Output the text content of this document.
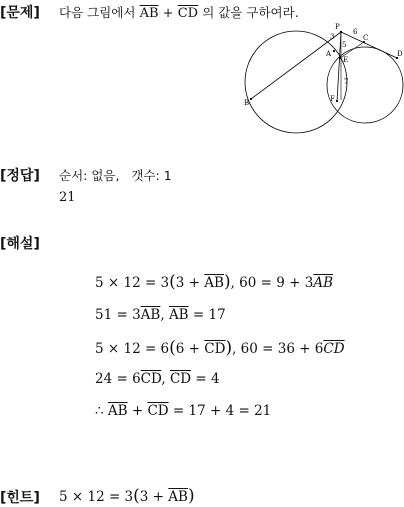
[문제] 다음 그림에서 $\overline{AB} + \overline{CD}$ 의 값을 구하여라.
P
A
B
C
D
E
F
3
6
5
7
[정답] 순서: 없음, 갯수: 1
21
[해설]
$5 \times 12 = 3(3 + \overline{AB})$, $60 = 9 + 3\overline{AB}$
$51 = 3\overline{AB}$, $\overline{AB} = 17$
$5 \times 12 = 6(6 + \overline{CD})$, $60 = 36 + 6\overline{CD}$
$24 = 6\overline{CD}$, $\overline{CD} = 4$
∴ $\overline{AB} + \overline{CD} = 17 + 4 = 21$
[힌트] $5 \times 12 = 3(3 + \overline{AB})$
